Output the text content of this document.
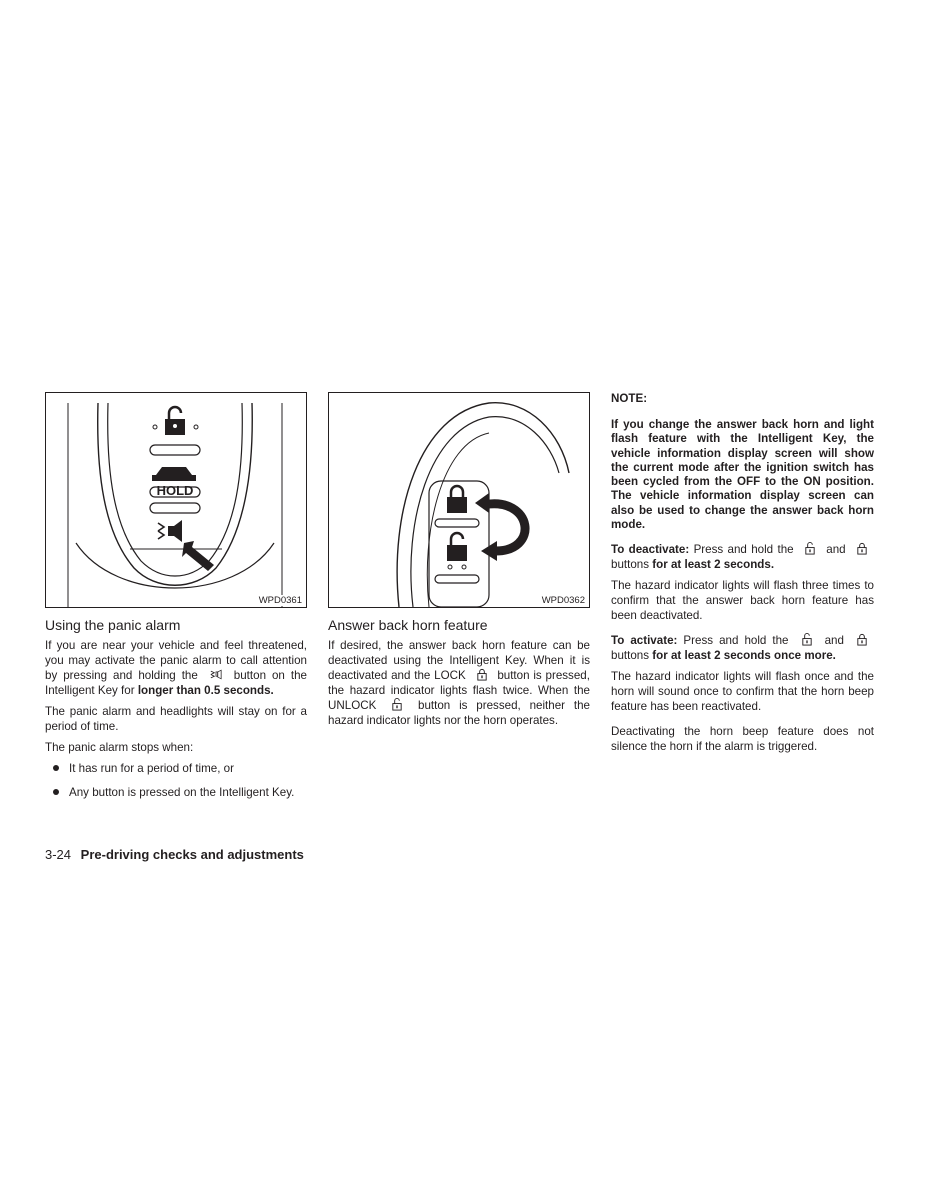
HOLD
WPD0361
Using the panic alarm

If you are near your vehicle and feel threatened, you may activate the panic alarm to call attention by pressing and holding the	button on the Intelligent Key for longer than 0.5 seconds.

The panic alarm and headlights will stay on for a period of time.

The panic alarm stops when:

It has run for a period of time, or
Any button is pressed on the Intelligent Key.
WPD0362
Answer back horn feature

If desired, the answer back horn feature can be deactivated using the Intelligent Key. When it is deactivated and the LOCK	button is pressed, the hazard indicator lights flash twice. When the UNLOCK	button is pressed, neither the hazard indicator lights nor the horn operates.

NOTE:
If you change the answer back horn and light flash feature with the Intelligent Key, the vehicle information display screen will show the current mode after the ignition switch has been cycled from the OFF to the ON position. The vehicle information display screen can also be used to change the answer back horn mode.

To deactivate: Press and hold the	and  buttons for at least 2 seconds.

The hazard indicator lights will flash three times to confirm that the answer back horn feature has been deactivated.

To activate: Press and hold the	and  buttons for at least 2 seconds once more.

The hazard indicator lights will flash once and the horn will sound once to confirm that the horn beep feature has been reactivated.

Deactivating the horn beep feature does not silence the horn if the alarm is triggered.

3-24 Pre-driving checks and adjustments
